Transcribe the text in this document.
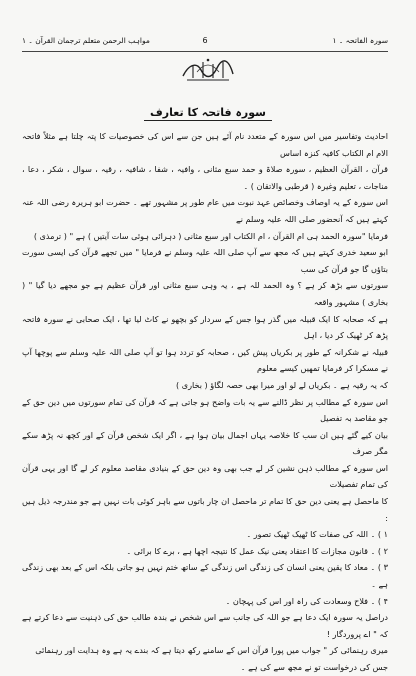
مواہب الرحمن متعلم ترجمان القرآن ۔ ۱	6	سورہ الفاتحہ ۔ ۱
سورہ فاتحہ کا تعارف

احادیث وتفاسیر میں اس سورہ کے متعدد نام آئے ہیں جن سے اس کی خصوصیات کا پتہ چلتا ہے مثلاً فاتحہ الام ام الکتاب کافیہ کنزہ اساس

قرآن ، القرآن العظیم ، سورہ صلاۃ و حمد سبع مثانی ، وافیہ ، شفا ، شافیہ ، رقیہ ، سوال ، شکر ، دعا ، مناجات ، تعلیم وغیرہ ( قرطبی والاتقان ) ۔

اس سورہ کے یہ اوصاف وخصائص عہد نبوت میں عام طور پر مشہور تھے ۔ حضرت ابو ہریرہ رضی اللہ عنہ کہتے ہیں کہ آنحضور صلی اللہ علیہ وسلم نے

فرمایا "سورہ الحمد ہی ام القرآن ، ام الکتاب اور سبع مثانی ( دہرائی ہوئی سات آیتیں ) ہے " ( ترمذی )

ابو سعید خدری کہتے ہیں کہ مجھ سے آپ صلی اللہ علیہ وسلم نے فرمایا " میں تجھے قرآن کی ایسی سورت بتاؤں گا جو قرآن کی سب

سورتوں سے بڑھ کر ہے ؟ وہ الحمد للہ ہے ، یہ وہی سبع مثانی اور قرآن عظیم ہے جو مجھے دیا گیا " ( بخاری ) مشہور واقعہ

ہے کہ صحابہ کا ایک قبیلہ میں گذر ہوا جس کے سردار کو بچھو نے کاٹ لیا تھا ، ایک صحابی نے سورہ فاتحہ پڑھ کر ٹھیک کر دیا ، اہل

قبیلہ نے شکرانہ کے طور پر بکریاں پیش کیں ، صحابہ کو تردد ہوا تو آپ صلی اللہ علیہ وسلم سے پوچھا آپ نے مسکرا کر فرمایا تمھیں کیسے معلوم

کہ یہ رقیہ ہے ۔ بکریاں لے لو اور میرا بھی حصہ لگاؤ ( بخاری )

اس سورہ کے مطالب پر نظر ڈالنے سے یہ بات واضح ہو جاتی ہے کہ قرآن کی تمام سورتوں میں دین حق کے جو مقاصد بہ تفصیل

بیان کیے گئے ہیں ان سب کا خلاصہ یہاں اجمال بیان ہوا ہے ، اگر ایک شخص قرآن کے اور کچھ نہ پڑھ سکے مگر صرف

اس سورہ کے مطالب ذہن نشین کر لے جب بھی وہ دین حق کے بنیادی مقاصد معلوم کر لے گا اور یہی قرآن کی تمام تفصیلات

کا ماحصل ہے یعنی دین حق کا تمام تر ماحصل ان چار باتوں سے باہر کوئی بات نہیں ہے جو مندرجہ ذیل ہیں :

۱ ) ۔ اللہ کی صفات کا ٹھیک ٹھیک تصور ۔

۲ ) ۔ قانون مجازات کا اعتقاد یعنی نیک عمل کا نتیجہ اچھا ہے ، برے کا برائی ۔

۳ ) ۔ معاد کا یقین یعنی انسان کی زندگی اس زندگی کے ساتھ ختم نہیں ہو جاتی بلکہ اس کے بعد بھی زندگی ہے ۔

۴ ) ۔ فلاح وسعادت کی راہ اور اس کی پہچان ۔

دراصل یہ سورہ ایک دعا ہے جو اللہ کی جانب سے اس شخص نے بندہ طالب حق کی ذہنیت سے دعا کرتے ہے کہ " اے پروردگار !

میری رہنمائی کر " جواب میں پورا قرآن اس کے سامنے رکھ دیتا ہے کہ بندے یہ ہے وہ ہدایت اور رہنمائی

جس کی درخواست تو نے مجھ سے کی ہے ۔
